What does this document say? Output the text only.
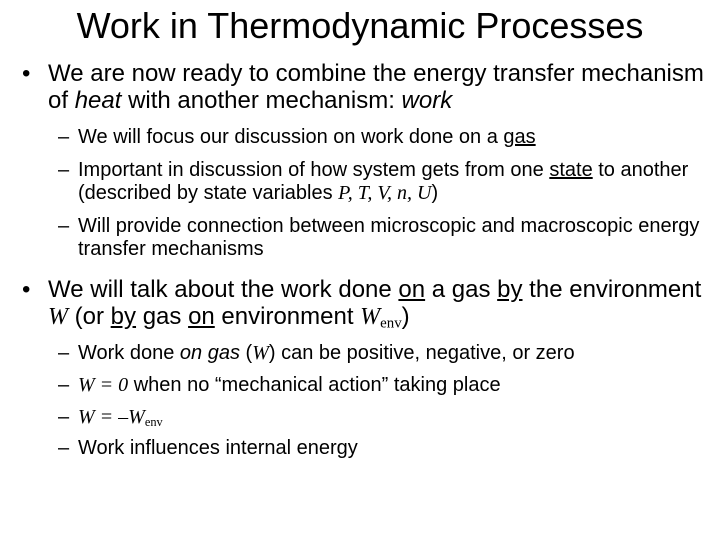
Work in Thermodynamic Processes
• We are now ready to combine the energy transfer mechanism of heat with another mechanism: work
– We will focus our discussion on work done on a gas
– Important in discussion of how system gets from one state to another (described by state variables P, T, V, n, U)
– Will provide connection between microscopic and macroscopic energy transfer mechanisms
• We will talk about the work done on a gas by the environment W (or by gas on environment $W_{env}$)
– Work done on gas (W) can be positive, negative, or zero
– W = 0 when no “mechanical action” taking place
– $W = -W_{env}$
– Work influences internal energy
